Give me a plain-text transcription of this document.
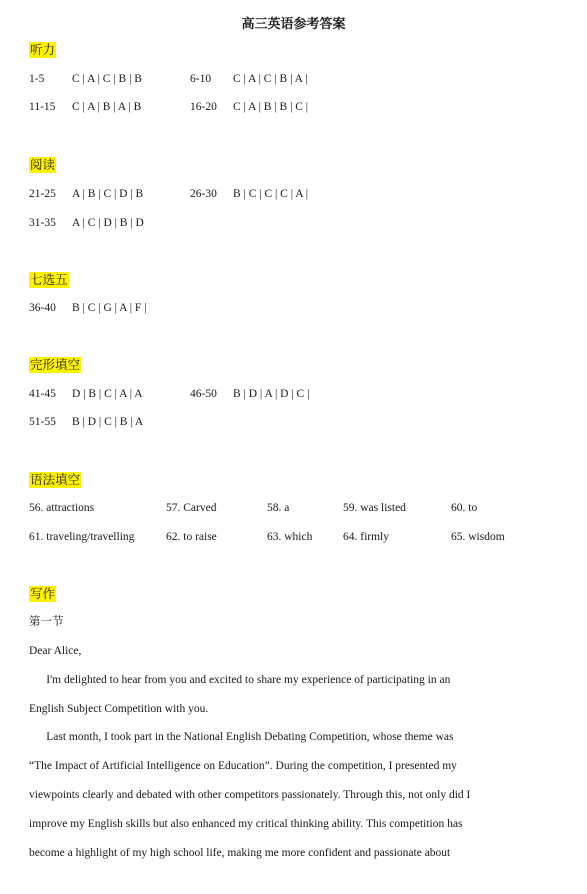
高三英语参考答案
听力
1-5 C | A | C | B | B	6-10 C | A | C | B | A |
11-15 C | A | B | A | B	16-20 C | A | B | B | C |
阅读
21-25 A | B | C | D | B	26-30 B | C | C | C | A |
31-35 A | C | D | B | D
七选五
36-40 B | C | G | A | F |
完形填空
41-45 D | B | C | A | A	46-50 B | D | A | D | C |
51-55 B | D | C | B | A
语法填空
56. attractions	57. Carved	58. a	59. was listed	60. to
61. traveling/travelling	62. to raise	63. which	64. firmly	65. wisdom
写作
第一节
Dear Alice,
I'm delighted to hear from you and excited to share my experience of participating in an
English Subject Competition with you.
Last month, I took part in the National English Debating Competition, whose theme was
“The Impact of Artificial Intelligence on Education”. During the competition, I presented my
viewpoints clearly and debated with other competitors passionately. Through this, not only did I
improve my English skills but also enhanced my critical thinking ability. This competition has
become a highlight of my high school life, making me more confident and passionate about
